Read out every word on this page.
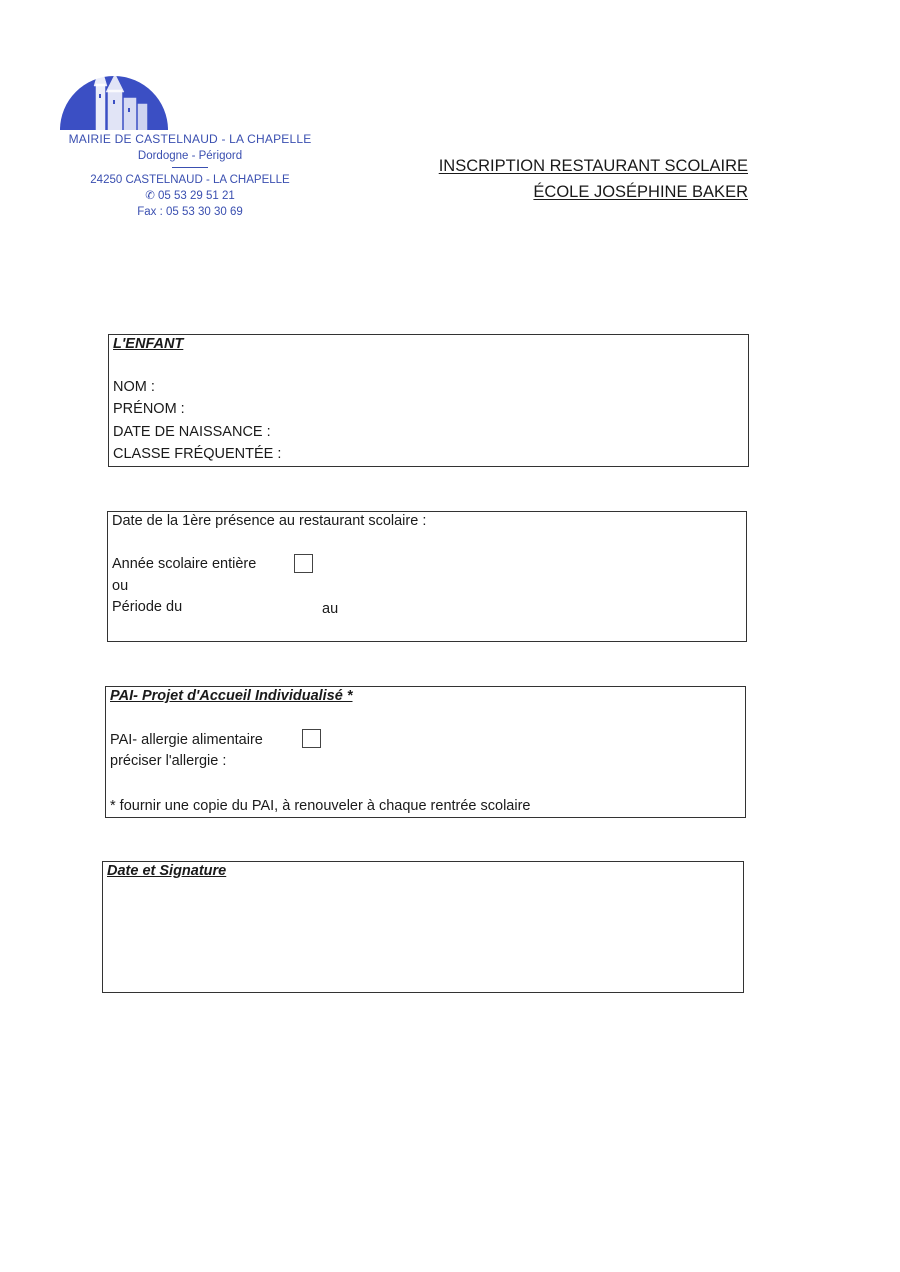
MAIRIE DE CASTELNAUD - LA CHAPELLE
Dordogne - Périgord
24250 CASTELNAUD - LA CHAPELLE
✆ 05 53 29 51 21
Fax : 05 53 30 30 69
INSCRIPTION RESTAURANT SCOLAIRE
ÉCOLE JOSÉPHINE BAKER
L'ENFANT
NOM :
PRÉNOM :
DATE DE NAISSANCE :
CLASSE FRÉQUENTÉE :
Date de la 1ère présence au restaurant scolaire :
Année scolaire entière
ou
Période du	au
PAI- Projet d'Accueil Individualisé *
PAI- allergie alimentaire
préciser l'allergie :
* fournir une copie du PAI, à renouveler à chaque rentrée scolaire
Date et Signature
